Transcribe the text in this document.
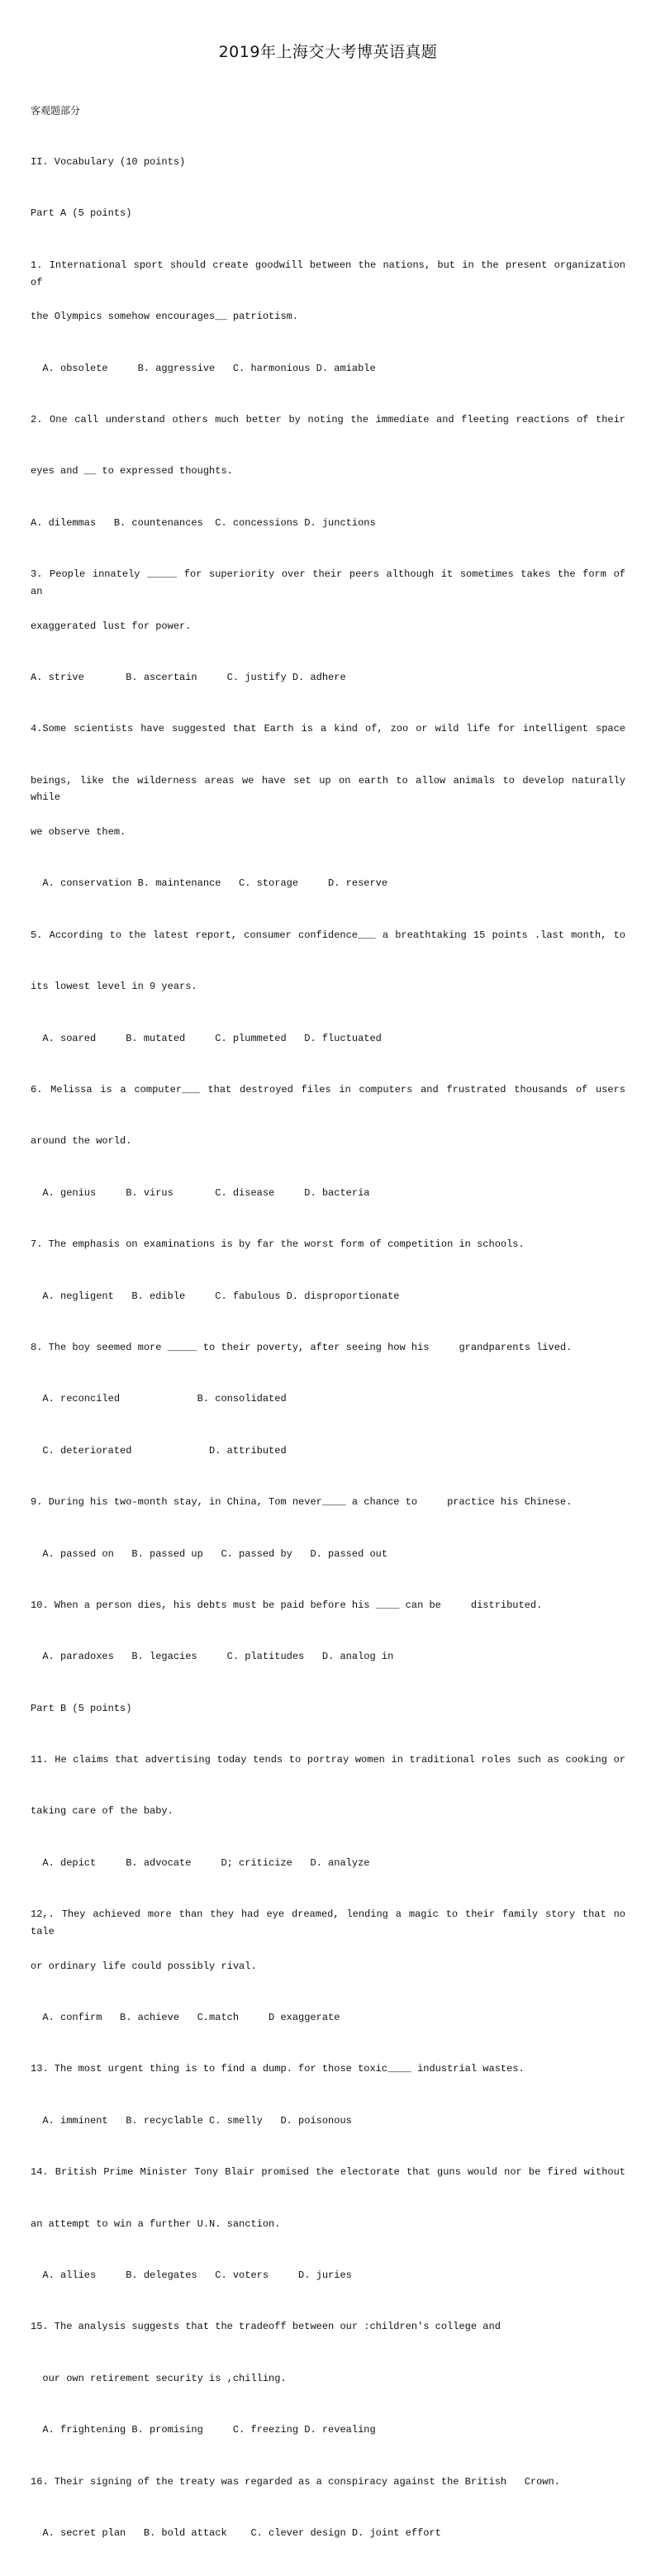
2019年上海交大考博英语真题

客观题部分

II. Vocabulary (10 points)

Part A (5 points)

1. International sport should create goodwill between the nations, but in the present organization of

the Olympics somehow encourages__ patriotism.

A. obsolete     B. aggressive   C. harmonious D. amiable

2. One call understand others much better by noting the immediate and fleeting reactions of their

eyes and __ to expressed thoughts.

A. dilemmas   B. countenances  C. concessions D. junctions

3. People innately _____ for superiority over their peers although it sometimes takes the form of an

exaggerated lust for power.

A. strive       B. ascertain     C. justify D. adhere

4.Some scientists have suggested that Earth is a kind of, zoo or wild life for intelligent space

beings, like the wilderness areas we have set up on earth to allow animals to develop naturally while

we observe them.

A. conservation B. maintenance   C. storage     D. reserve

5. According to the latest report, consumer confidence___ a breathtaking 15 points .last month, to

its lowest level in 9 years.

A. soared     B. mutated     C. plummeted   D. fluctuated

6. Melissa is a computer___ that destroyed files in computers and frustrated thousands of users

around the world.

A. genius     B. virus       C. disease     D. bacteria

7. The emphasis on examinations is by far the worst form of competition in schools.

A. negligent   B. edible     C. fabulous D. disproportionate

8. The boy seemed more _____ to their poverty, after seeing how his     grandparents lived.

A. reconciled             B. consolidated

C. deteriorated             D. attributed

9. During his two-month stay, in China, Tom never____ a chance to     practice his Chinese.

A. passed on   B. passed up   C. passed by   D. passed out

10. When a person dies, his debts must be paid before his ____ can be     distributed.

A. paradoxes   B. legacies     C. platitudes   D. analog in

Part B (5 points)

11. He claims that advertising today tends to portray women in traditional roles such as cooking or

taking care of the baby.

A. depict     B. advocate     D; criticize   D. analyze

12,. They achieved more than they had eye dreamed, lending a magic to their family story that no tale

or ordinary life could possibly rival.

A. confirm   B. achieve   C.match     D exaggerate

13. The most urgent thing is to find a dump. for those toxic____ industrial wastes.

A. imminent   B. recyclable C. smelly   D. poisonous

14. British Prime Minister Tony Blair promised the electorate that guns would nor be fired without

an attempt to win a further U.N. sanction.

A. allies     B. delegates   C. voters     D. juries

15. The analysis suggests that the tradeoff between our :children's college and

our own retirement security is ,chilling.

A. frightening B. promising     C. freezing D. revealing

16. Their signing of the treaty was regarded as a conspiracy against the British   Crown.

A. secret plan   B. bold attack    C. clever design D. joint effort
